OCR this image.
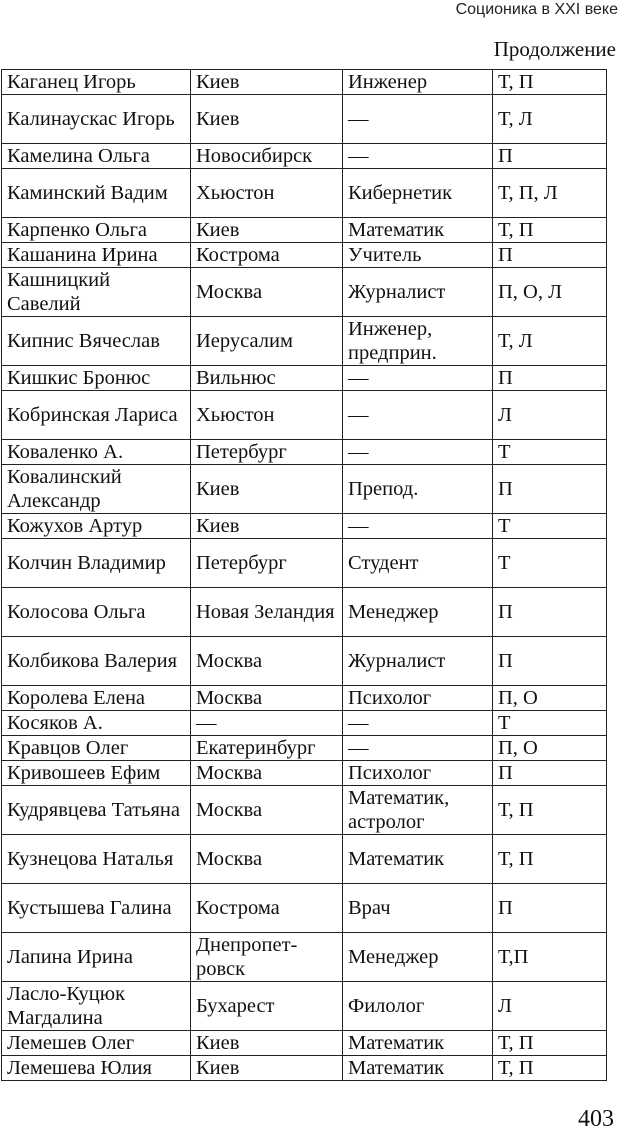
Соционика в XXI веке
Продолжение
Каганец Игорь	Киев	Инженер	Т, П
Калинаускас Игорь	Киев	—	Т, Л
Камелина Ольга	Новосибирск	—	П
Каминский Вадим	Хьюстон	Кибернетик	Т, П, Л
Карпенко Ольга	Киев	Математик	Т, П
Кашанина Ирина	Кострома	Учитель	П
Кашницкий Савелий	Москва	Журналист	П, О, Л
Кипнис Вячеслав	Иерусалим	Инженер, предприн.	Т, Л
Кишкис Бронюс	Вильнюс	—	П
Кобринская Лариса	Хьюстон	—	Л
Коваленко А.	Петербург	—	Т
Ковалинский Александр	Киев	Препод.	П
Кожухов Артур	Киев	—	Т
Колчин Владимир	Петербург	Студент	Т
Колосова Ольга	Новая Зеландия	Менеджер	П
Колбикова Валерия	Москва	Журналист	П
Королева Елена	Москва	Психолог	П, О
Косяков А.	—	—	Т
Кравцов Олег	Екатеринбург	—	П, О
Кривошеев Ефим	Москва	Психолог	П
Кудрявцева Татьяна	Москва	Математик, астролог	Т, П
Кузнецова Наталья	Москва	Математик	Т, П
Кустышева Галина	Кострома	Врач	П
Лапина Ирина	Днепропет-ровск	Менеджер	Т,П
Ласло-Куцюк Магдалина	Бухарест	Филолог	Л
Лемешев Олег	Киев	Математик	Т, П
Лемешева Юлия	Киев	Математик	Т, П
403
